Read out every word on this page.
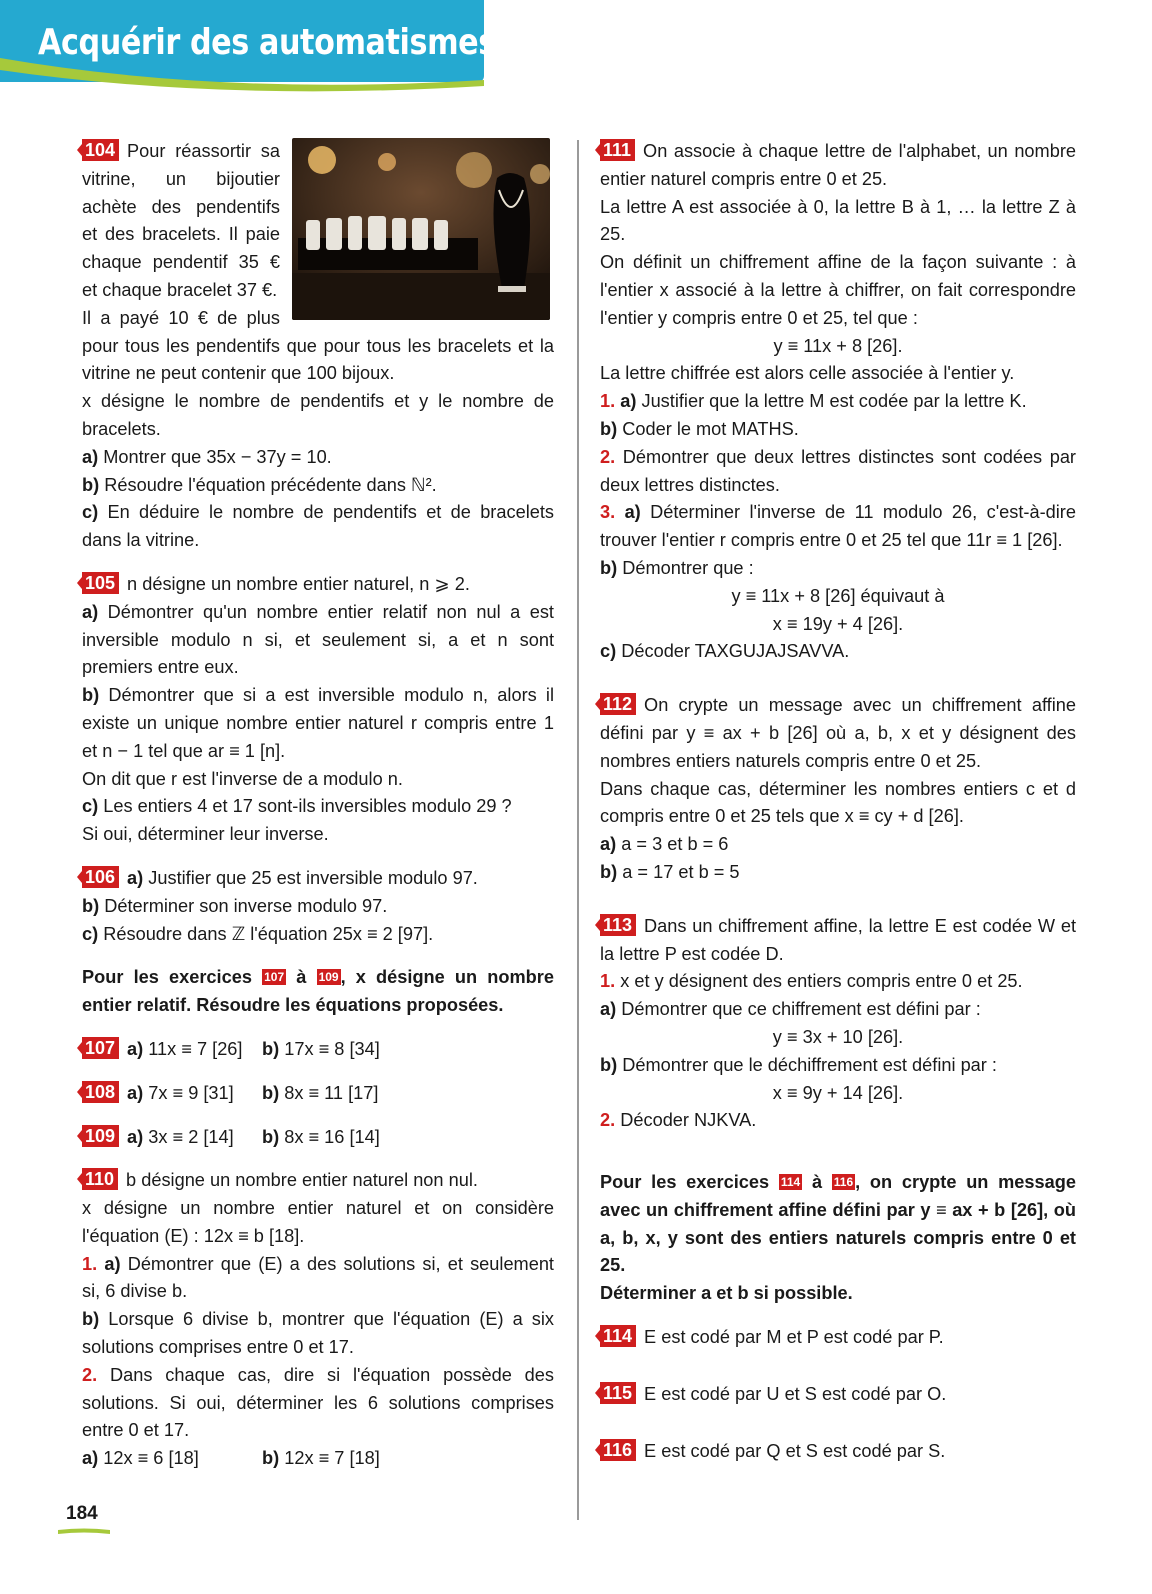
Acquérir des automatismes

104 Pour réassortir sa vitrine, un bijoutier achète des pendentifs et des bracelets. Il paie chaque pendentif 35 € et chaque bracelet 37 €.

Il a payé 10 € de plus pour tous les pendentifs que pour tous les bracelets et la vitrine ne peut contenir que 100 bijoux.

x désigne le nombre de pendentifs et y le nombre de bracelets.

a) Montrer que 35x − 37y = 10.

b) Résoudre l'équation précédente dans ℕ².

c) En déduire le nombre de pendentifs et de bracelets dans la vitrine.

105 n désigne un nombre entier naturel, n ⩾ 2.

a) Démontrer qu'un nombre entier relatif non nul a est inversible modulo n si, et seulement si, a et n sont premiers entre eux.

b) Démontrer que si a est inversible modulo n, alors il existe un unique nombre entier naturel r compris entre 1 et n − 1 tel que ar ≡ 1 [n].

On dit que r est l'inverse de a modulo n.

c) Les entiers 4 et 17 sont-ils inversibles modulo 29 ?

Si oui, déterminer leur inverse.

106 a) Justifier que 25 est inversible modulo 97.

b) Déterminer son inverse modulo 97.

c) Résoudre dans ℤ l'équation 25x ≡ 2 [97].

Pour les exercices 107 à 109 , x désigne un nombre entier relatif. Résoudre les équations proposées.

107 a) 11x ≡ 7 [26]	b) 17x ≡ 8 [34]
108 a) 7x ≡ 9 [31]	b) 8x ≡ 11 [17]
109 a) 3x ≡ 2 [14]	b) 8x ≡ 16 [14]

110 b désigne un nombre entier naturel non nul.

x désigne un nombre entier naturel et on considère l'équation (E) : 12x ≡ b [18].

1. a) Démontrer que (E) a des solutions si, et seulement si, 6 divise b.

b) Lorsque 6 divise b, montrer que l'équation (E) a six solutions comprises entre 0 et 17.

2. Dans chaque cas, dire si l'équation possède des solutions. Si oui, déterminer les 6 solutions comprises entre 0 et 17.

a) 12x ≡ 6 [18]	b) 12x ≡ 7 [18]

111 On associe à chaque lettre de l'alphabet, un nombre entier naturel compris entre 0 et 25.

La lettre A est associée à 0, la lettre B à 1, … la lettre Z à 25.

On définit un chiffrement affine de la façon suivante : à l'entier x associé à la lettre à chiffrer, on fait correspondre l'entier y compris entre 0 et 25, tel que :

y ≡ 11x + 8 [26].

La lettre chiffrée est alors celle associée à l'entier y.

1. a) Justifier que la lettre M est codée par la lettre K.

b) Coder le mot MATHS.

2. Démontrer que deux lettres distinctes sont codées par deux lettres distinctes.

3. a) Déterminer l'inverse de 11 modulo 26, c'est-à-dire trouver l'entier r compris entre 0 et 25 tel que 11r ≡ 1 [26].

b) Démontrer que :

y ≡ 11x + 8 [26] équivaut à

x ≡ 19y + 4 [26].

c) Décoder TAXGUJAJSAVVA.

112 On crypte un message avec un chiffrement affine défini par y ≡ ax + b [26] où a, b, x et y désignent des nombres entiers naturels compris entre 0 et 25.

Dans chaque cas, déterminer les nombres entiers c et d compris entre 0 et 25 tels que x ≡ cy + d [26].

a) a = 3 et b = 6

b) a = 17 et b = 5

113 Dans un chiffrement affine, la lettre E est codée W et la lettre P est codée D.

1. x et y désignent des entiers compris entre 0 et 25.

a) Démontrer que ce chiffrement est défini par :

y ≡ 3x + 10 [26].

b) Démontrer que le déchiffrement est défini par :

x ≡ 9y + 14 [26].

2. Décoder NJKVA.

Pour les exercices 114 à 116 , on crypte un message avec un chiffrement affine défini par y ≡ ax + b [26], où a, b, x, y sont des entiers naturels compris entre 0 et 25.

Déterminer a et b si possible.

114 E est codé par M et P est codé par P.

115 E est codé par U et S est codé par O.

116 E est codé par Q et S est codé par S.

184
